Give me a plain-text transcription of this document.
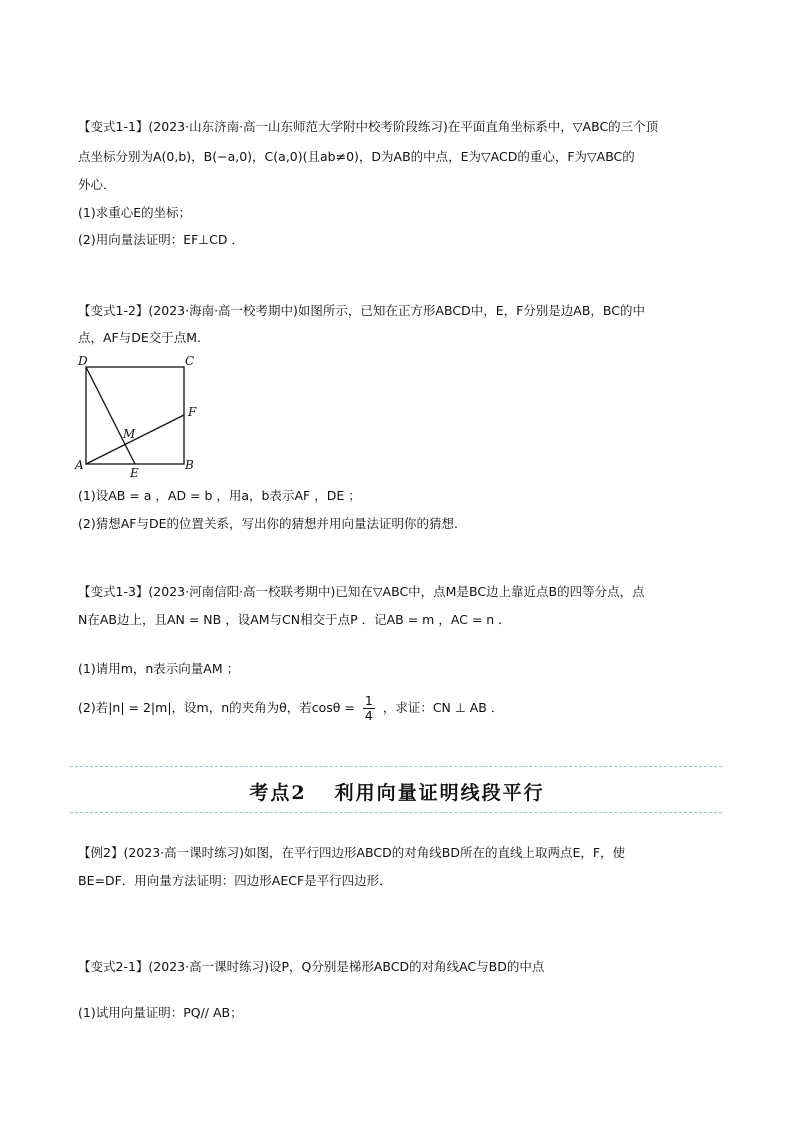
【变式1-1】(2023·山东济南·高一山东师范大学附中校考阶段练习)在平面直角坐标系中，▽ABC的三个顶
点坐标分别为A(0,b)，B(−a,0)，C(a,0)(且ab≠0)，D为AB的中点，E为▽ACD的重心，F为▽ABC的
外心．
(1)求重心E的坐标；
(2)用向量法证明：EF⊥CD ．
【变式1-2】(2023·海南·高一校考期中)如图所示，已知在正方形ABCD中，E，F分别是边AB，BC的中
点，AF与DE交于点M.
D	C
F
M
A
E
B
(1)设AB = a ，AD = b ，用a，b表示AF ，DE ；
(2)猜想AF与DE的位置关系，写出你的猜想并用向量法证明你的猜想.
【变式1-3】(2023·河南信阳·高一校联考期中)已知在▽ABC中，点M是BC边上靠近点B的四等分点，点
N在AB边上，且AN = NB ，设AM与CN相交于点P ．记AB = m ，AC = n ．
(1)请用m，n表示向量AM ；
(2)若|n| = 2|m|，设m，n的夹角为θ，若$\cos\theta = \frac{1}{4}$ ，求证：CN ⊥ AB ．
考点2 利用向量证明线段平行
【例2】(2023·高一课时练习)如图，在平行四边形ABCD的对角线BD所在的直线上取两点E，F，使
BE=DF．用向量方法证明：四边形AECF是平行四边形．
【变式2-1】(2023·高一课时练习)设P，Q分别是梯形ABCD的对角线AC与BD的中点
(1)试用向量证明：PQ// AB；
